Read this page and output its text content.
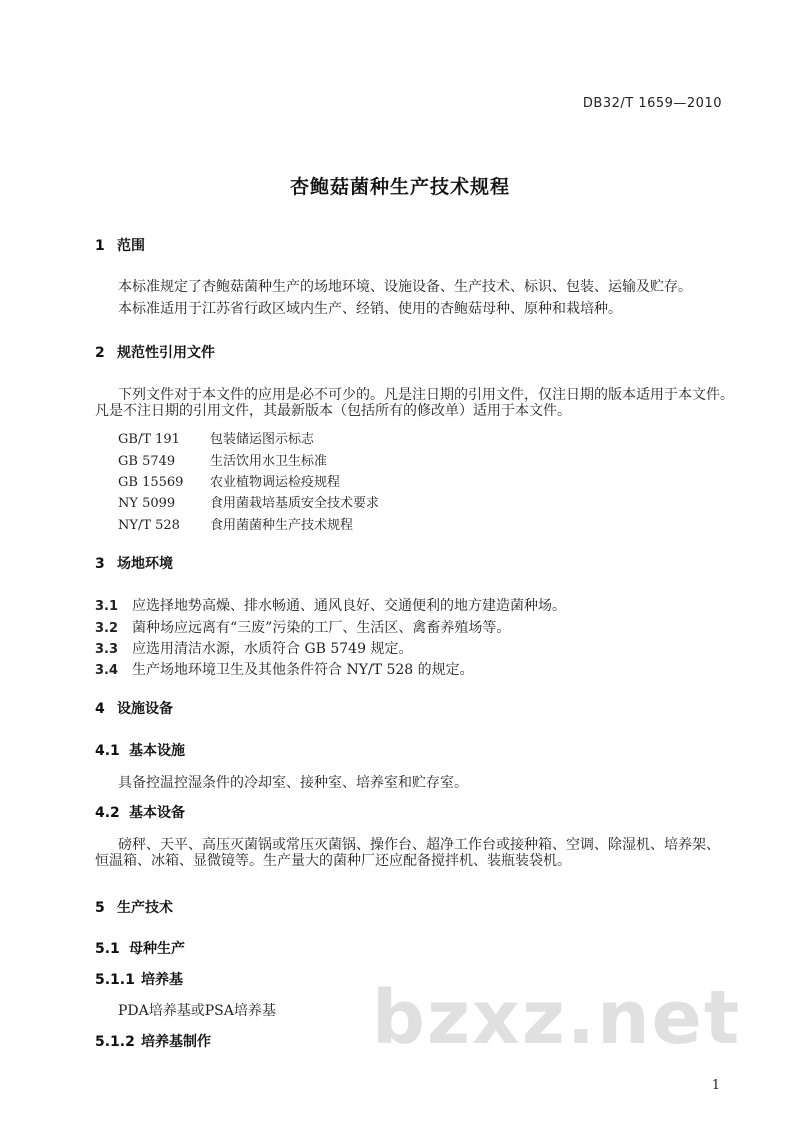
DB32/T 1659—2010
杏鲍菇菌种生产技术规程
1 范围
本标准规定了杏鲍菇菌种生产的场地环境、设施设备、生产技术、标识、包装、运输及贮存。
本标准适用于江苏省行政区域内生产、经销、使用的杏鲍菇母种、原种和栽培种。
2 规范性引用文件
下列文件对于本文件的应用是必不可少的。凡是注日期的引用文件，仅注日期的版本适用于本文件。
凡是不注日期的引用文件，其最新版本（包括所有的修改单）适用于本文件。
GB/T 191 包装储运图示标志
GB 5749	生活饮用水卫生标准
GB 15569 农业植物调运检疫规程
NY 5099	食用菌栽培基质安全技术要求
NY/T 528 食用菌菌种生产技术规程
3 场地环境
3.1 应选择地势高燥、排水畅通、通风良好、交通便利的地方建造菌种场。
3.2 菌种场应远离有“三废”污染的工厂、生活区、禽畜养殖场等。
3.3 应选用清洁水源，水质符合 GB 5749 规定。
3.4 生产场地环境卫生及其他条件符合 NY/T 528 的规定。
4 设施设备
4.1 基本设施
具备控温控湿条件的冷却室、接种室、培养室和贮存室。
4.2 基本设备
磅秤、天平、高压灭菌锅或常压灭菌锅、操作台、超净工作台或接种箱、空调、除湿机、培养架、
恒温箱、冰箱、显微镜等。生产量大的菌种厂还应配备搅拌机、装瓶装袋机。
5 生产技术
5.1 母种生产
5.1.1 培养基
PDA培养基或PSA培养基
5.1.2 培养基制作 bzxz.net
1
